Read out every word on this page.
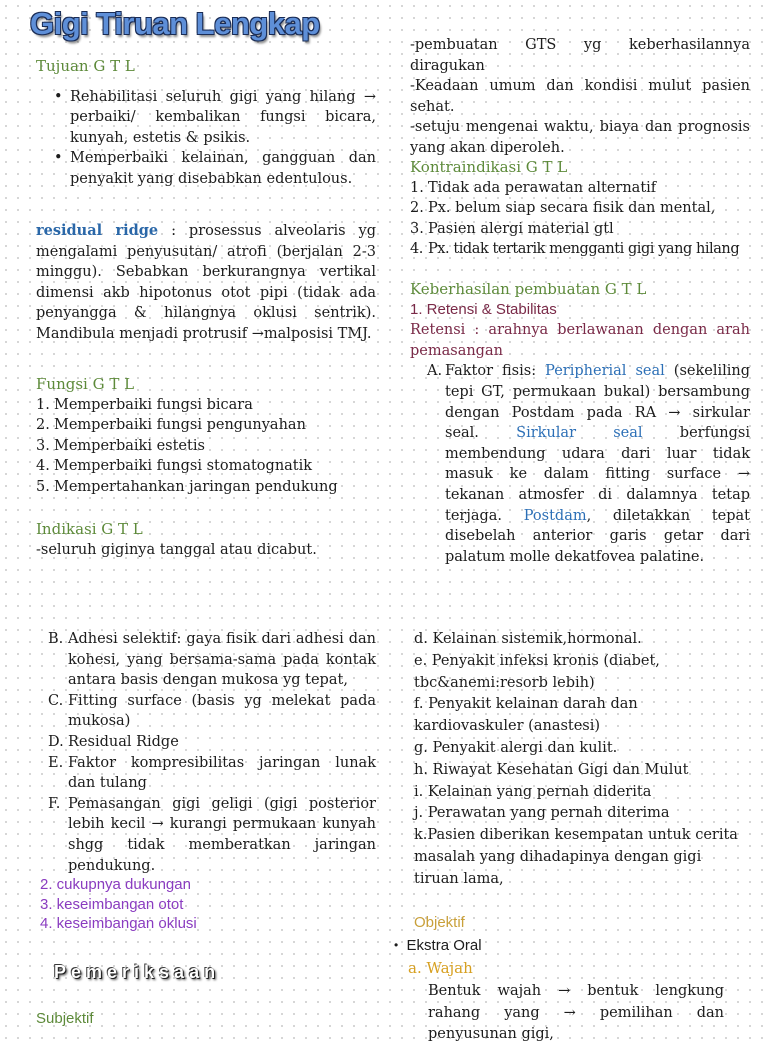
Gigi Tiruan Lengkap

Tujuan G T L

• Rehabilitasi seluruh gigi yang hilang → perbaiki/ kembalikan fungsi bicara, kunyah, estetis & psikis.
• Memperbaiki kelainan, gangguan dan penyakit yang disebabkan edentulous.
residual ridge : prosessus alveolaris yg mengalami penyusutan/ atrofi (berjalan 2-3 minggu). Sebabkan berkurangnya vertikal dimensi akb hipotonus otot pipi (tidak ada penyangga & hilangnya oklusi sentrik). Mandibula menjadi protrusif →malposisi TMJ.

Fungsi G T L

1. Memperbaiki fungsi bicara
2. Memperbaiki fungsi pengunyahan
3. Memperbaiki estetis
4. Memperbaiki fungsi stomatognatik
5. Mempertahankan jaringan pendukung

Indikasi G T L

-seluruh giginya tanggal atau dicabut.

-pembuatan GTS yg keberhasilannya diragukan

-Keadaan umum dan kondisi mulut pasien sehat.

-setuju mengenai waktu, biaya dan prognosis yang akan diperoleh.

Kontraindikasi G T L

1. Tidak ada perawatan alternatif
2. Px. belum siap secara fisik dan mental,
3. Pasien alergi material gtl
4. Px. tidak tertarik mengganti gigi yang hilang

Keberhasilan pembuatan G T L

1. Retensi & Stabilitas

Retensi : arahnya berlawanan dengan arah pemasangan

A. Faktor fisis: Peripherial seal (sekeliling tepi GT, permukaan bukal) bersambung dengan Postdam pada RA → sirkular seal. Sirkular seal berfungsi membendung udara dari luar tidak masuk ke dalam fitting surface → tekanan atmosfer di dalamnya tetap terjaga. Postdam, diletakkan tepat disebelah anterior garis getar dari palatum molle dekatfovea palatine.
B. Adhesi selektif: gaya fisik dari adhesi dan kohesi, yang bersama-sama pada kontak antara basis dengan mukosa yg tepat,
C. Fitting surface (basis yg melekat pada mukosa)
D. Residual Ridge
E. Faktor kompresibilitas jaringan lunak dan tulang
F. Pemasangan gigi geligi (gigi posterior lebih kecil → kurangi permukaan kunyah shgg tidak memberatkan jaringan pendukung.

2. cukupnya dukungan

3. keseimbangan otot

4. keseimbangan oklusi

Pemeriksaan

Subjektif

d. Kelainan sistemik,hormonal.

e. Penyakit infeksi kronis (diabet, tbc&anemi:resorb lebih)

f. Penyakit kelainan darah dan kardiovaskuler (anastesi)

g. Penyakit alergi dan kulit.

h. Riwayat Kesehatan Gigi dan Mulut

i. Kelainan yang pernah diderita

j. Perawatan yang pernah diterima

k.Pasien diberikan kesempatan untuk cerita masalah yang dihadapinya dengan gigi tiruan lama,

Objektif

• Ekstra Oral

a. Wajah

Bentuk wajah → bentuk lengkung rahang yang → pemilihan dan penyusunan gigi,
